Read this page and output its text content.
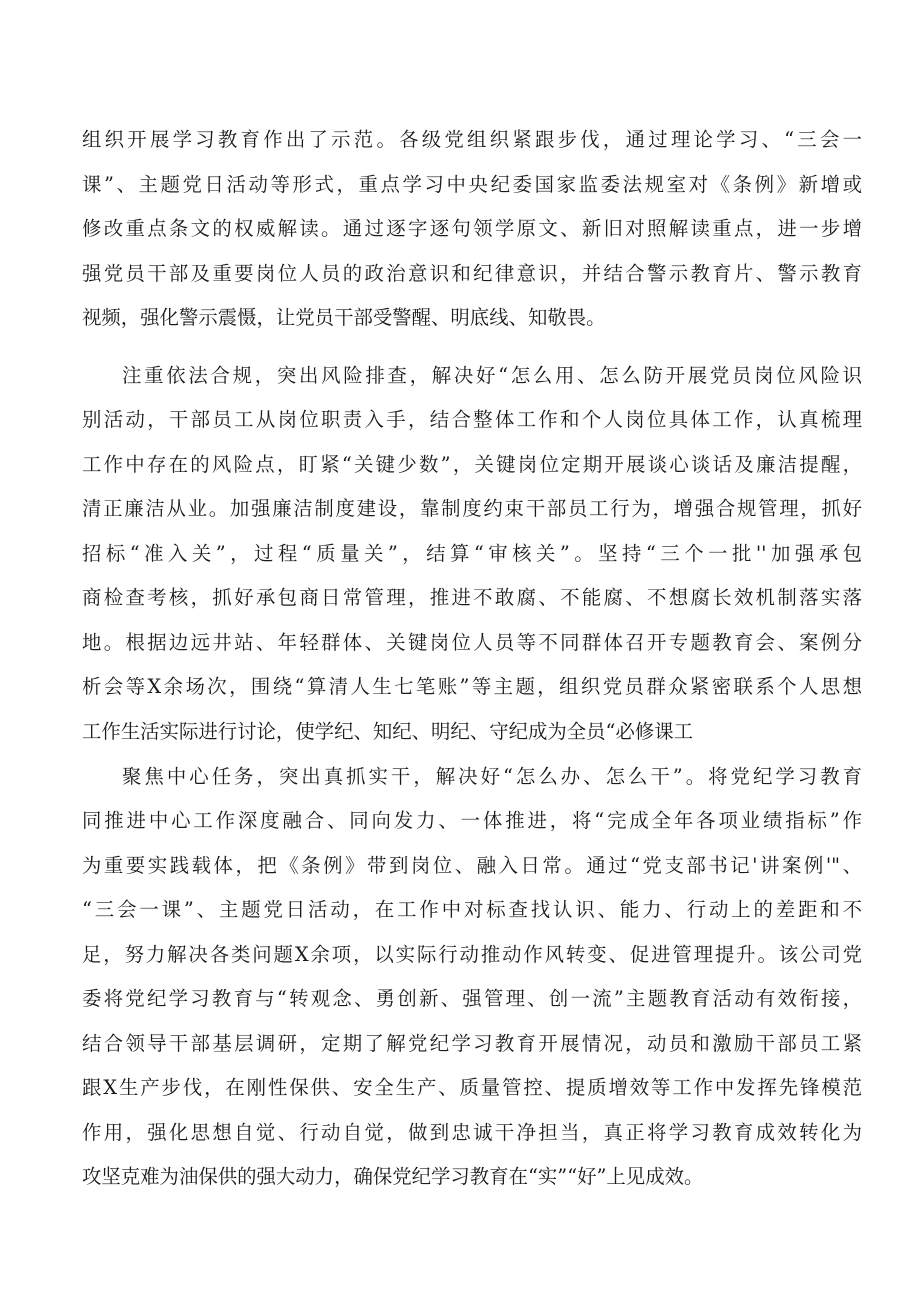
组织开展学习教育作出了示范。各级党组织紧跟步伐，通过理论学习、“三会一
课”、主题党日活动等形式，重点学习中央纪委国家监委法规室对《条例》新增或
修改重点条文的权威解读。通过逐字逐句领学原文、新旧对照解读重点，进一步增
强党员干部及重要岗位人员的政治意识和纪律意识，并结合警示教育片、警示教育
视频，强化警示震慑，让党员干部受警醒、明底线、知敬畏。
注重依法合规，突出风险排查，解决好“怎么用、怎么防开展党员岗位风险识
别活动，干部员工从岗位职责入手，结合整体工作和个人岗位具体工作，认真梳理
工作中存在的风险点，盯紧“关键少数”，关键岗位定期开展谈心谈话及廉洁提醒，
清正廉洁从业。加强廉洁制度建设，靠制度约束干部员工行为，增强合规管理，抓好
招标“准入关”，过程“质量关”，结算“审核关”。坚持“三个一批''加强承包
商检查考核，抓好承包商日常管理，推进不敢腐、不能腐、不想腐长效机制落实落
地。根据边远井站、年轻群体、关键岗位人员等不同群体召开专题教育会、案例分
析会等X余场次，围绕“算清人生七笔账”等主题，组织党员群众紧密联系个人思想
工作生活实际进行讨论，使学纪、知纪、明纪、守纪成为全员“必修课工
聚焦中心任务，突出真抓实干，解决好“怎么办、怎么干”。将党纪学习教育
同推进中心工作深度融合、同向发力、一体推进，将“完成全年各项业绩指标”作
为重要实践载体，把《条例》带到岗位、融入日常。通过“党支部书记'讲案例'"、
“三会一课”、主题党日活动，在工作中对标查找认识、能力、行动上的差距和不
足，努力解决各类问题X余项，以实际行动推动作风转变、促进管理提升。该公司党
委将党纪学习教育与“转观念、勇创新、强管理、创一流”主题教育活动有效衔接，
结合领导干部基层调研，定期了解党纪学习教育开展情况，动员和激励干部员工紧
跟X生产步伐，在刚性保供、安全生产、质量管控、提质增效等工作中发挥先锋模范
作用，强化思想自觉、行动自觉，做到忠诚干净担当，真正将学习教育成效转化为
攻坚克难为油保供的强大动力，确保党纪学习教育在“实”“好”上见成效。
